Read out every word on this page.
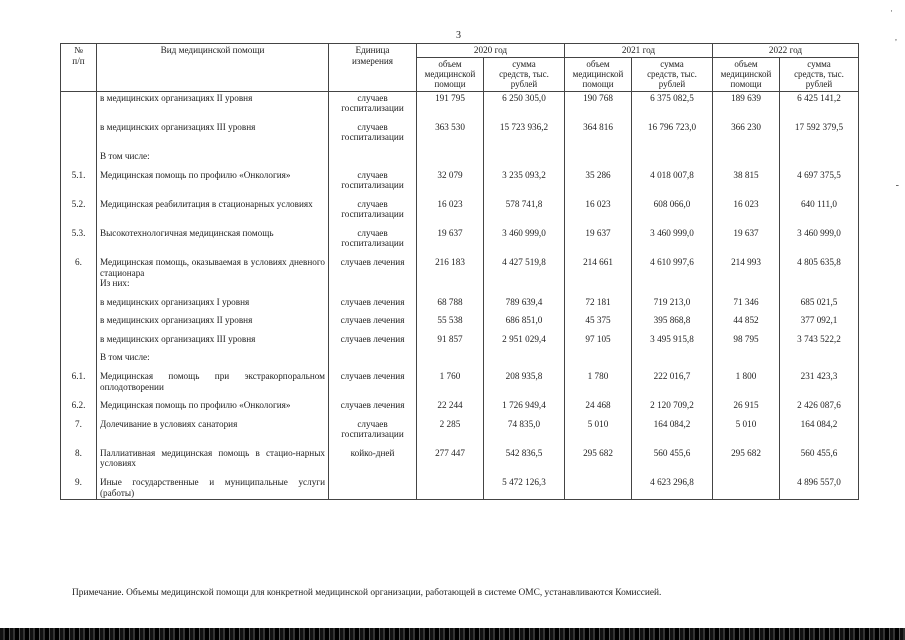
3
·
-
,
№
п/п	Вид медицинской помощи	Единица
измерения	2020 год		2021 год		2022 год	
			объем
медицинской
помощи	сумма
средств, тыс.
рублей	объем
медицинской
помощи	сумма
средств, тыс.
рублей	объем
медицинской
помощи	сумма
средств, тыс.
рублей
	в медицинских организациях II уровня	случаев
госпитализации	191 795	6 250 305,0	190 768	6 375 082,5	189 639	6 425 141,2

	в медицинских организациях III уровня	случаев
госпитализации	363 530	15 723 936,2	364 816	16 796 723,0	366 230	17 592 379,5

	В том числе:							

5.1.	Медицинская помощь по профилю «Онкология»	случаев
госпитализации	32 079	3 235 093,2	35 286	4 018 007,8	38 815	4 697 375,5

5.2.	Медицинская реабилитация в стационарных условиях	случаев
госпитализации	16 023	578 741,8	16 023	608 066,0	16 023	640 111,0

5.3.	Высокотехнологичная медицинская помощь	случаев
госпитализации	19 637	3 460 999,0	19 637	3 460 999,0	19 637	3 460 999,0

6.	Медицинская помощь, оказываемая в условиях дневного стационара
Из них:	случаев лечения	216 183	4 427 519,8	214 661	4 610 997,6	214 993	4 805 635,8

	в медицинских организациях I уровня	случаев лечения	68 788	789 639,4	72 181	719 213,0	71 346	685 021,5

	в медицинских организациях II уровня	случаев лечения	55 538	686 851,0	45 375	395 868,8	44 852	377 092,1

	в медицинских организациях III уровня	случаев лечения	91 857	2 951 029,4	97 105	3 495 915,8	98 795	3 743 522,2

	В том числе:							

6.1.	Медицинская помощь при экстракорпоральном оплодотворении	случаев лечения	1 760	208 935,8	1 780	222 016,7	1 800	231 423,3

6.2.	Медицинская помощь по профилю «Онкология»	случаев лечения	22 244	1 726 949,4	24 468	2 120 709,2	26 915	2 426 087,6

7.	Долечивание в условиях санатория	случаев
госпитализации	2 285	74 835,0	5 010	164 084,2	5 010	164 084,2

8.	Паллиативная медицинская помощь в стацио-нарных условиях	койко-дней	277 447	542 836,5	295 682	560 455,6	295 682	560 455,6

9.	Иные государственные и муниципальные услуги (работы)			5 472 126,3		4 623 296,8		4 896 557,0
Примечание. Объемы медицинской помощи для конкретной медицинской организации, работающей в системе ОМС, устанавливаются Комиссией.
